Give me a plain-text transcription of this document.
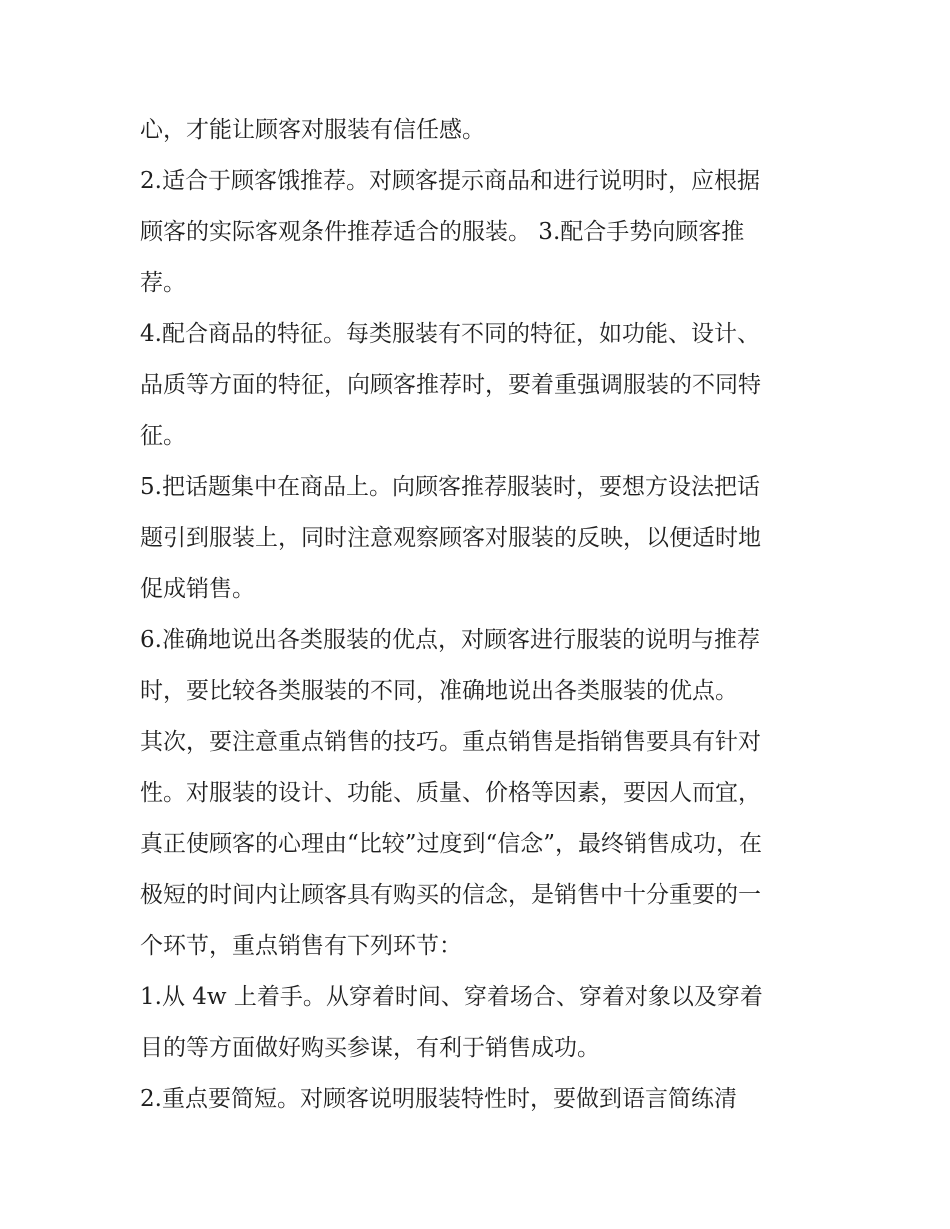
心，才能让顾客对服装有信任感。
2.适合于顾客饿推荐。对顾客提示商品和进行说明时，应根据
顾客的实际客观条件推荐适合的服装。 3.配合手势向顾客推
荐。
4.配合商品的特征。每类服装有不同的特征，如功能、设计、
品质等方面的特征，向顾客推荐时，要着重强调服装的不同特
征。
5.把话题集中在商品上。向顾客推荐服装时，要想方设法把话
题引到服装上，同时注意观察顾客对服装的反映，以便适时地
促成销售。
6.准确地说出各类服装的优点，对顾客进行服装的说明与推荐
时，要比较各类服装的不同，准确地说出各类服装的优点。
其次，要注意重点销售的技巧。重点销售是指销售要具有针对
性。对服装的设计、功能、质量、价格等因素，要因人而宜，
真正使顾客的心理由“比较”过度到“信念”，最终销售成功，在
极短的时间内让顾客具有购买的信念，是销售中十分重要的一
个环节，重点销售有下列环节：
1.从 4w 上着手。从穿着时间、穿着场合、穿着对象以及穿着
目的等方面做好购买参谋，有利于销售成功。
2.重点要简短。对顾客说明服装特性时，要做到语言简练清
